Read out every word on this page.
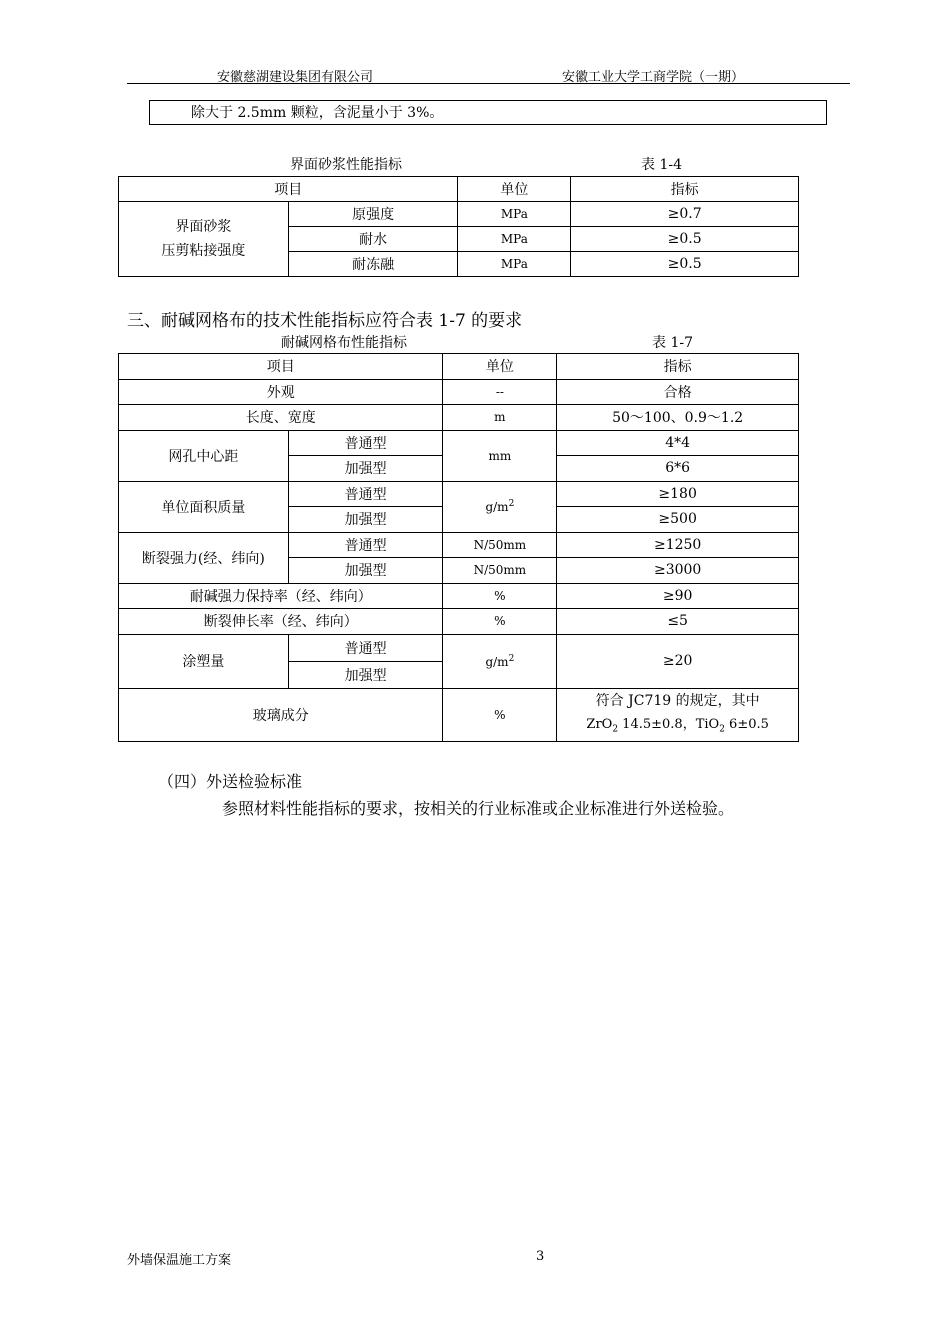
安徽慈湖建设集团有限公司	安徽工业大学工商学院（一期）
除大于 2.5mm 颗粒，含泥量小于 3%。
界面砂浆性能指标	表 1-4
项目		单位	指标

界面砂浆
压剪粘接强度	原强度	MPa	≥0.7
	耐水	MPa	≥0.5
	耐冻融	MPa	≥0.5
三、耐碱网格布的技术性能指标应符合表 1-7 的要求
耐碱网格布性能指标	表 1-7
项目		单位	指标
外观		--	合格
长度、宽度		m	50～100、0.9～1.2
网孔中心距	普通型	mm	4*4
	加强型		6*6
单位面积质量	普通型	$g/m^2$	≥180
	加强型		≥500
断裂强力(经、纬向)	普通型	N/50mm	≥1250
	加强型	N/50mm	≥3000
耐碱强力保持率（经、纬向）		%	≥90
断裂伸长率（经、纬向）		%	≤5
涂塑量	普通型	$g/m^2$	≥20
	加强型		
玻璃成分		%	符合 JC719 的规定，其中
ZrO$_2$ 14.5±0.8，TiO$_2$ 6±0.5
（四）外送检验标准
参照材料性能指标的要求，按相关的行业标准或企业标准进行外送检验。
外墙保温施工方案	3
